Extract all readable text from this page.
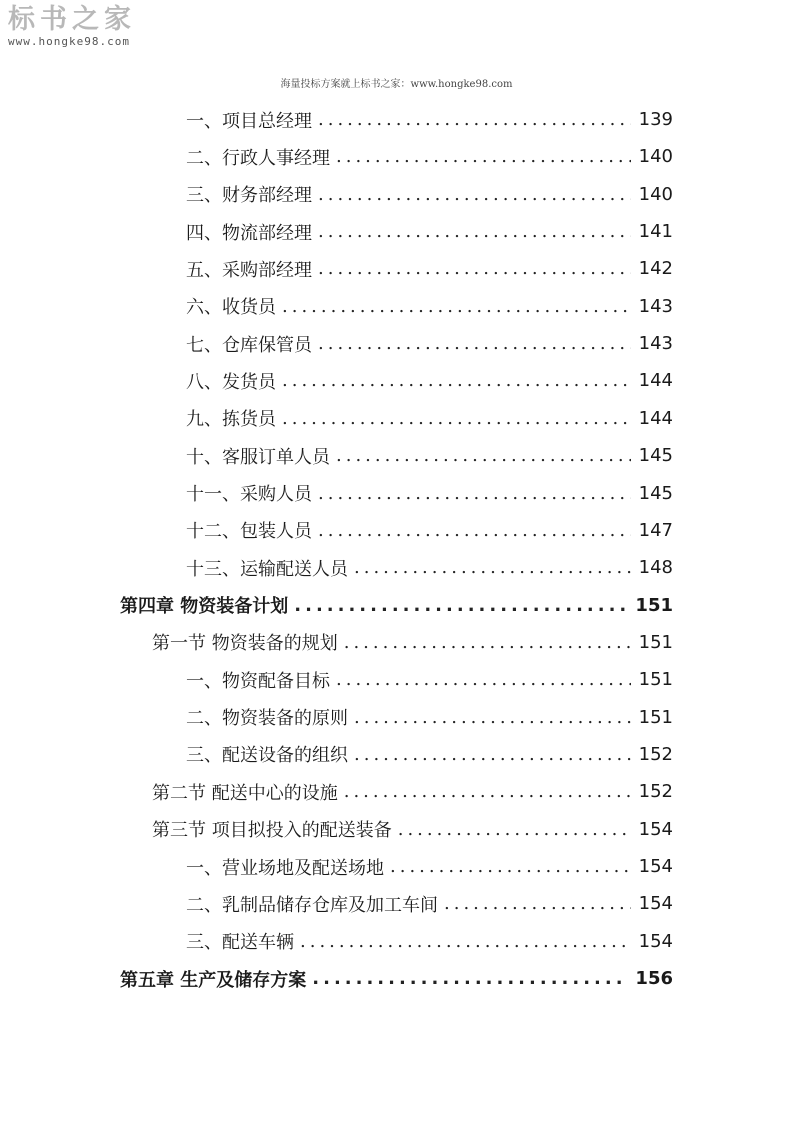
标书之家
www.hongke98.com
海量投标方案就上标书之家：www.hongke98.com
一、项目总经理 .....	139
二、行政人事经理 .....	140
三、财务部经理 .....	140
四、物流部经理 .....	141
五、采购部经理 .....	142
六、收货员 .....	143
七、仓库保管员 .....	143
八、发货员 .....	144
九、拣货员 .....	144
十、客服订单人员 .....	145
十一、采购人员 .....	145
十二、包装人员 .....	147
十三、运输配送人员 .....	148
第四章 物资装备计划 .....	151
第一节 物资装备的规划 .....	151
一、物资配备目标 .....	151
二、物资装备的原则 .....	151
三、配送设备的组织 .....	152
第二节 配送中心的设施 .....	152
第三节 项目拟投入的配送装备 .....	154
一、营业场地及配送场地 .....	154
二、乳制品储存仓库及加工车间 .....	154
三、配送车辆 .....	154
第五章 生产及储存方案 .....	156
